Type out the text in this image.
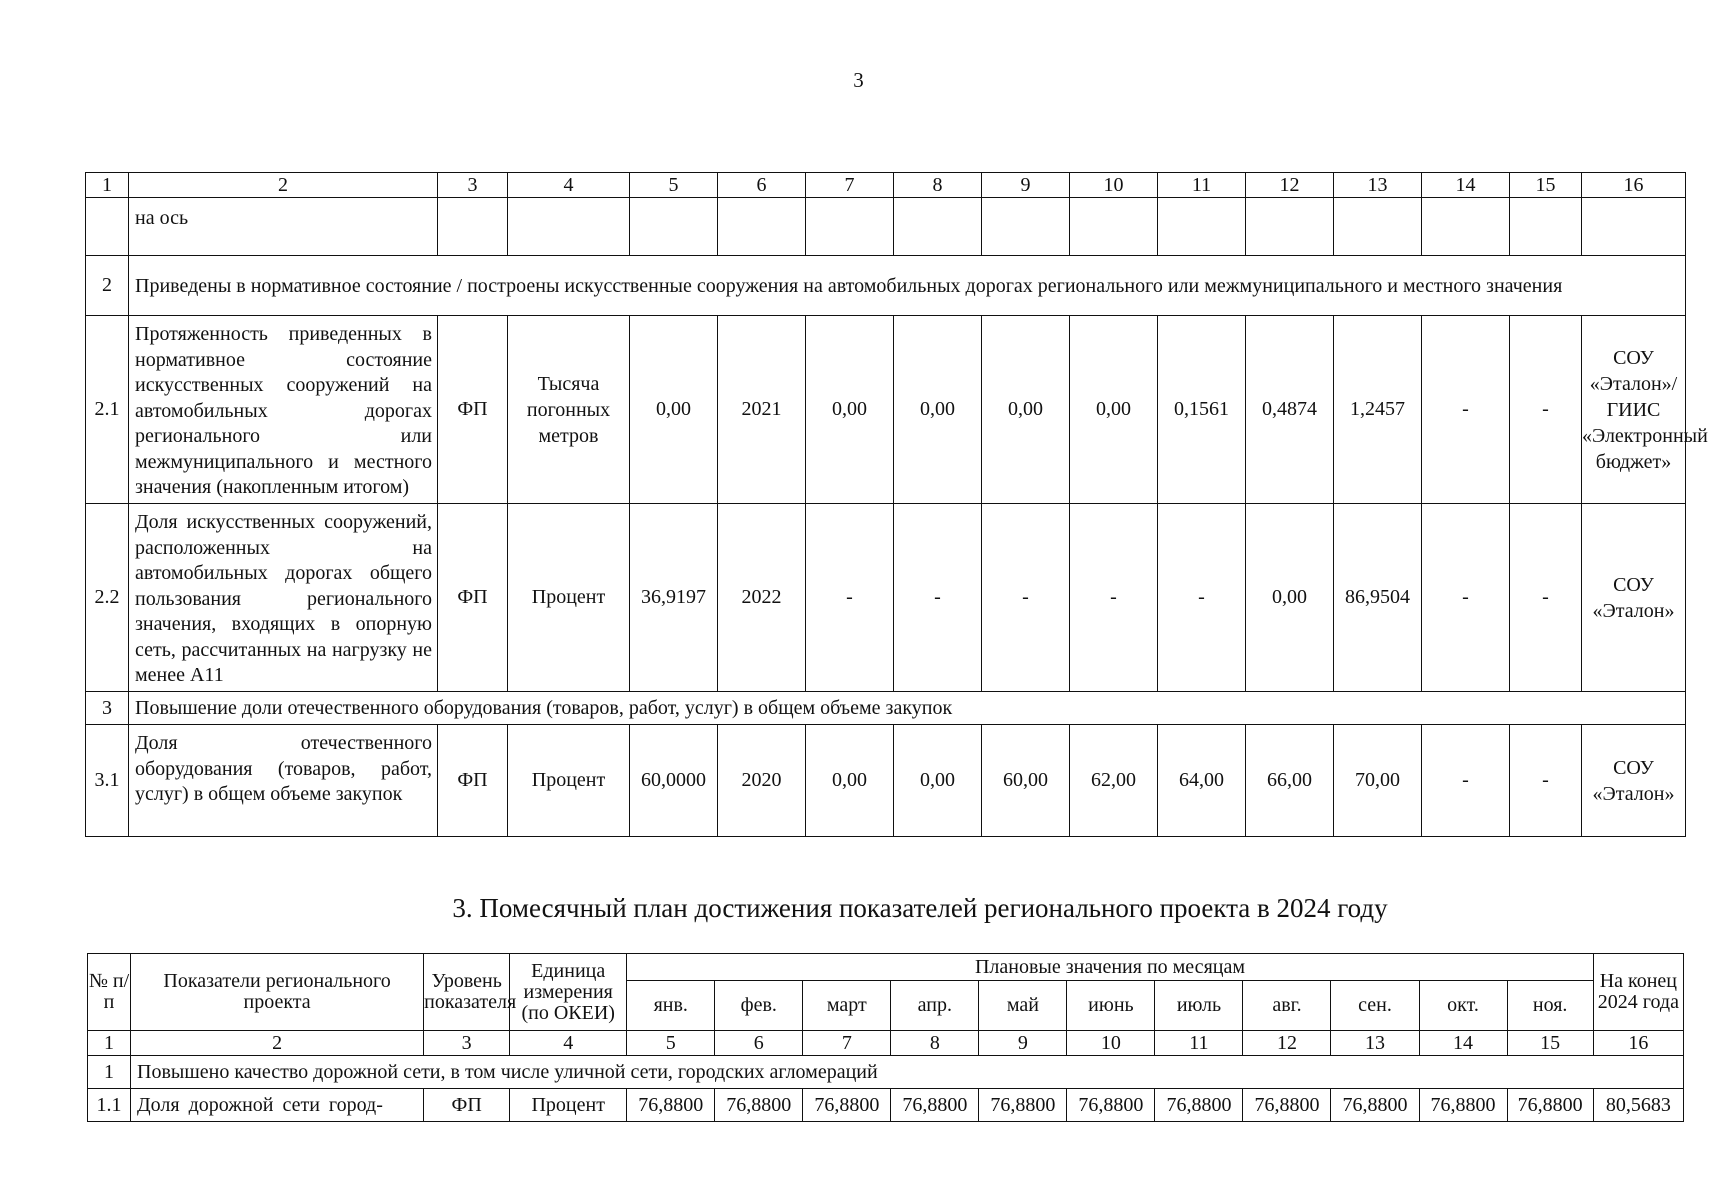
3
1	2	3	4	5	6	7	8	9	10	11	12	13	14	15	16
	на ось														
2	Приведены в нормативное состояние / построены искусственные сооружения на автомобильных дорогах регионального или межмуниципального и местного значения														
2.1	Протяженность приведенных в нормативное состояние искусственных сооружений на автомобильных дорогах регионального или межмуниципального и местного значения (накопленным итогом)	ФП	Тысяча погонных метров	0,00	2021	0,00	0,00	0,00	0,00	0,1561	0,4874	1,2457	-	-	СОУ «Эталон»/ ГИИС «Электронный бюджет»
2.2	Доля искусственных сооружений, расположенных на автомобильных дорогах общего пользования регионального значения, входящих в опорную сеть, рассчитанных на нагрузку не менее А11	ФП	Процент	36,9197	2022	-	-	-	-	-	0,00	86,9504	-	-	СОУ «Эталон»
3	Повышение доли отечественного оборудования (товаров, работ, услуг) в общем объеме закупок														
3.1	Доля отечественного оборудования (товаров, работ, услуг) в общем объеме закупок	ФП	Процент	60,0000	2020	0,00	0,00	60,00	62,00	64,00	66,00	70,00	-	-	СОУ «Эталон»
3. Помесячный план достижения показателей регионального проекта в 2024 году
№ п/п	Показатели регионального проекта	Уровень показателя	Единица измерения (по ОКЕИ)	Плановые значения по месяцам											На конец 2024 года
				янв.	фев.	март	апр.	май	июнь	июль	авг.	сен.	окт.	ноя.	
1	2	3	4	5	6	7	8	9	10	11	12	13	14	15	16
1	Повышено качество дорожной сети, в том числе уличной сети, городских агломераций														
1.1	Доля дорожной сети город-	ФП	Процент	76,8800	76,8800	76,8800	76,8800	76,8800	76,8800	76,8800	76,8800	76,8800	76,8800	76,8800	80,5683
